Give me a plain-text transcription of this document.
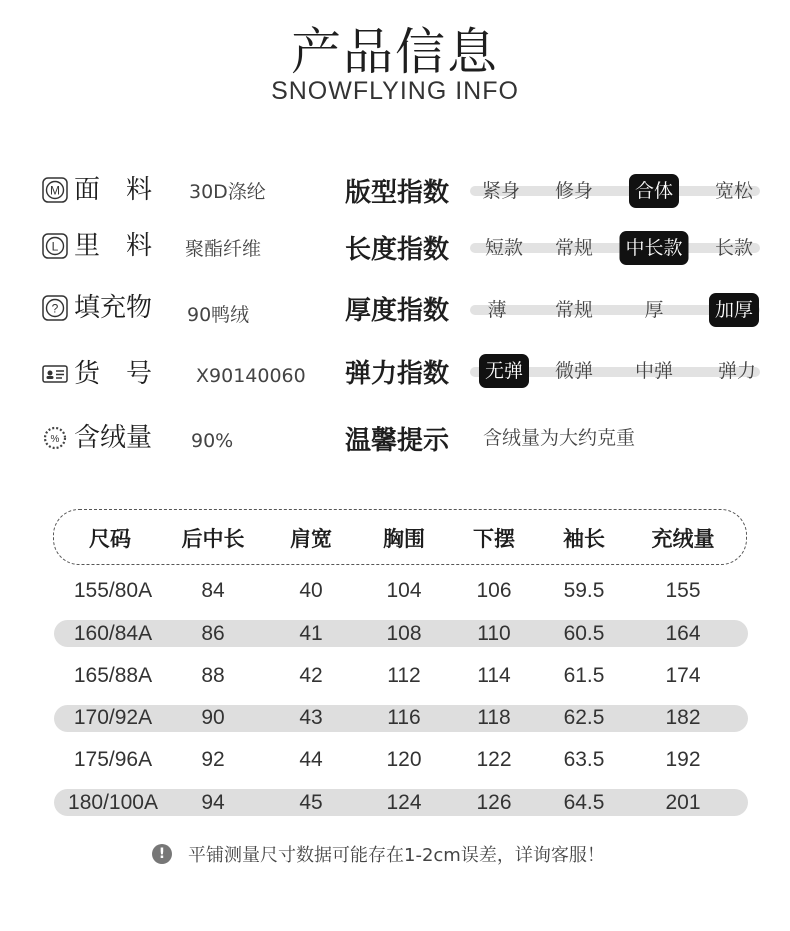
产品信息
SNOWFLYING INFO
M 面　料 30D涤纶
L 里　料 聚酯纤维
? 填充物 90鸭绒
货　号 X90140060
% 含绒量 90%
版型指数	紧身	修身	合体	宽松
长度指数	短款	常规	中长款	长款
厚度指数	薄	常规	厚	加厚
弹力指数	无弹	微弹	中弹	弹力
温馨提示 含绒量为大约克重
尺码 后中长 肩宽 胸围 下摆 袖长 充绒量
155/80A 84	40	104	106 59.5	155
160/84A 86	41	108	110	60.5	164
165/88A 88	42	112	114	61.5	174
170/92A 90	43	116	118	62.5	182
175/96A 92	44	120	122 63.5	192
180/100A 94	45	124	126 64.5	201
!	平铺测量尺寸数据可能存在1-2cm误差，详询客服！
